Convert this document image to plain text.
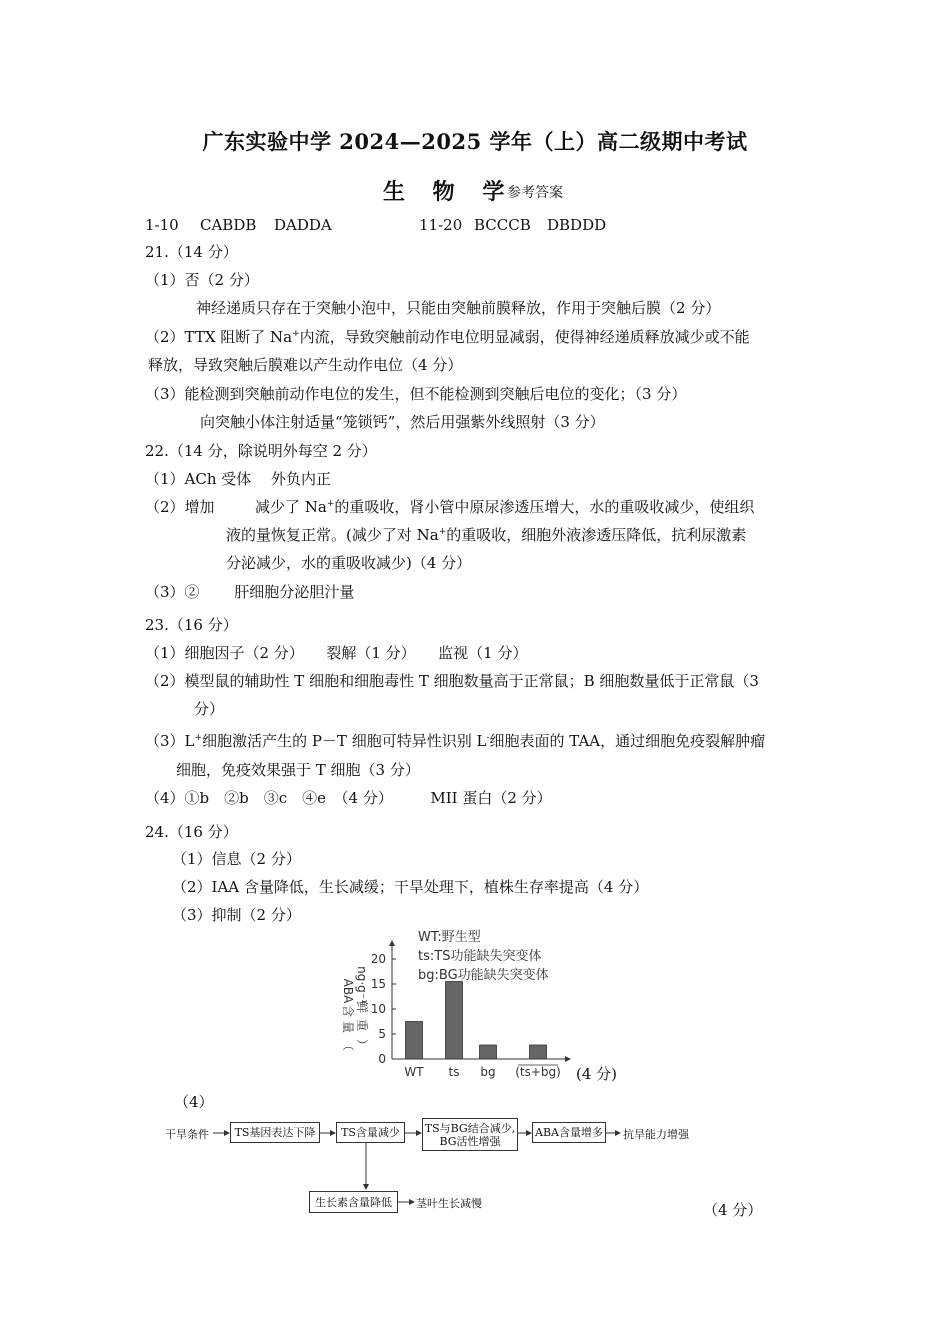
广东实验中学 2024—2025 学年（上）高二级期中考试
生 物 学
参考答案
1-10 CABDB DADDA	11-20 BCCCB DBDDD
21.（14 分）
（1）否（2 分）
神经递质只存在于突触小泡中，只能由突触前膜释放，作用于突触后膜（2 分）
（2）TTX 阻断了 Na+内流，导致突触前动作电位明显减弱，使得神经递质释放减少或不能
释放，导致突触后膜难以产生动作电位（4 分）
（3）能检测到突触前动作电位的发生，但不能检测到突触后电位的变化；（3 分）
向突触小体注射适量“笼锁钙”，然后用强紫外线照射（3 分）
22.（14 分，除说明外每空 2 分）
（1）ACh 受体　 外负内正
（2）增加	减少了 Na+的重吸收，肾小管中原尿渗透压增大，水的重吸收减少，使组织
液的量恢复正常。(减少了对 Na+的重吸收，细胞外液渗透压降低，抗利尿激素
分泌减少，水的重吸收减少)（4 分）
（3）②　　 肝细胞分泌胆汁量
23.（16 分）
（1）细胞因子（2 分）　　裂解（1 分）　　监视（1 分）
（2）模型鼠的辅助性 T 细胞和细胞毒性 T 细胞数量高于正常鼠；B 细胞数量低于正常鼠（3
分）
（3）L+细胞激活产生的 P－T 细胞可特异性识别 L-细胞表面的 TAA，通过细胞免疫裂解肿瘤
细胞，免疫效果强于 T 细胞（3 分）
（4）①b　②b　③c　④e　（4 分）　　　MII 蛋白（2 分）
24.（16 分）
（1）信息（2 分）
（2）IAA 含量降低，生长减缓；干旱处理下，植株生存率提高（4 分）
（3）抑制（2 分）
0
5
10
15
20
WT ts bg (ts+bg)
WT:野生型
ts:TS功能缺失突变体
bg:BG功能缺失突变体
（
量
含
ABA
）
重
鲜
ng·g⁻¹
(4 分)
（4）
干旱条件	TS基因表达下降	TS含量减少	TS与BG结合减少,
BG活性增强
ABA含量增多 抗旱能力增强
生长素含量降低	茎叶生长减慢	（4 分）
